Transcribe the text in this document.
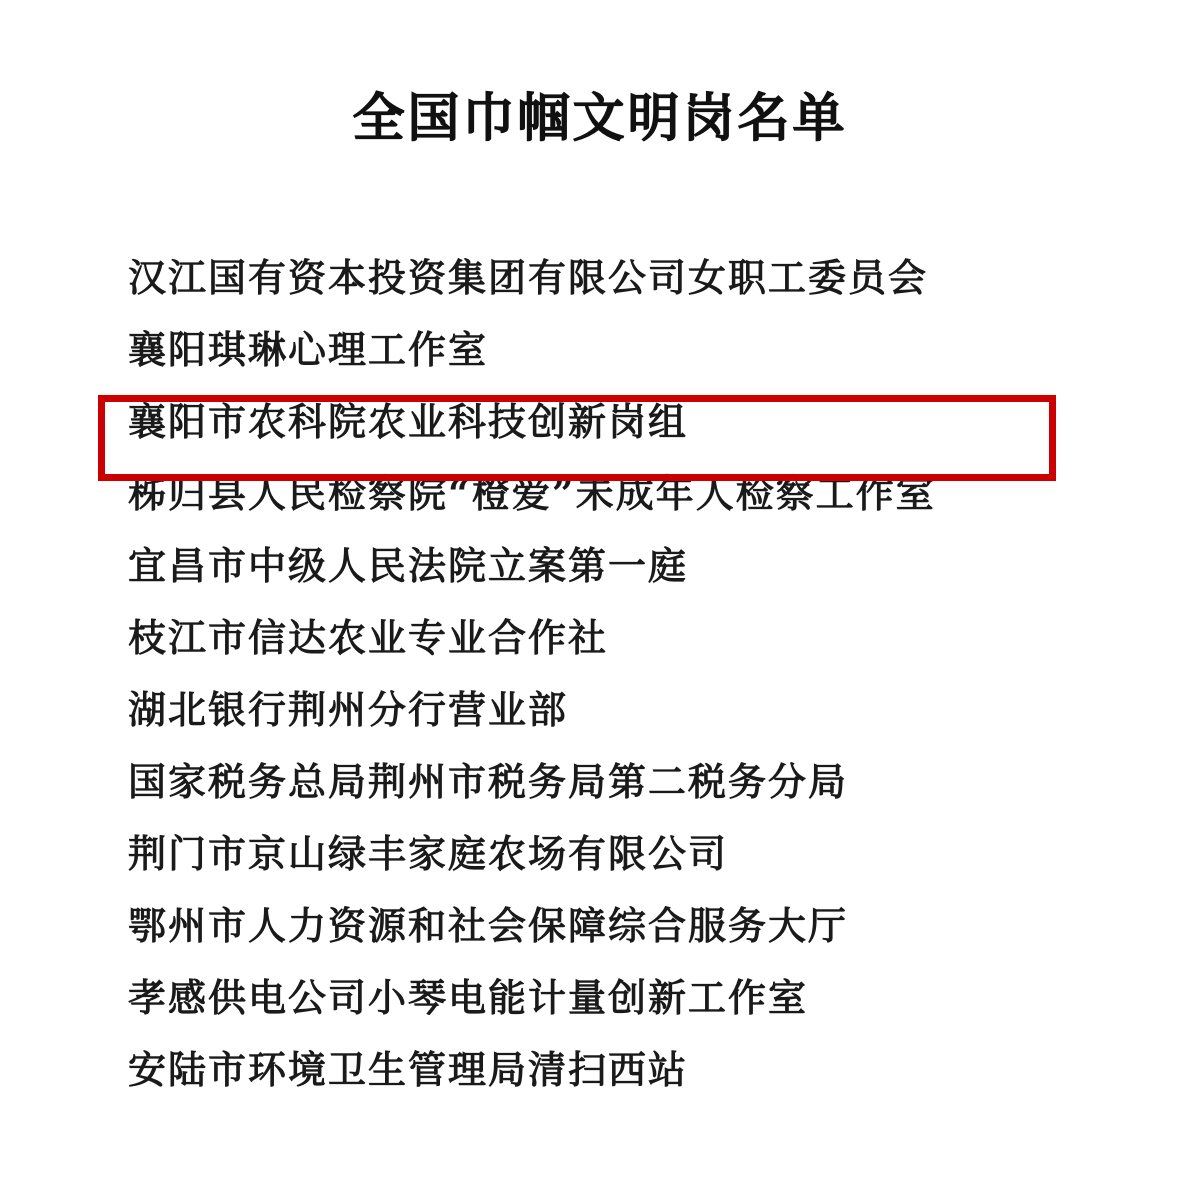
全国巾帼文明岗名单
汉江国有资本投资集团有限公司女职工委员会
襄阳琪琳心理工作室
襄阳市农科院农业科技创新岗组
秭归县人民检察院“橙爱”未成年人检察工作室
宜昌市中级人民法院立案第一庭
枝江市信达农业专业合作社
湖北银行荆州分行营业部
国家税务总局荆州市税务局第二税务分局
荆门市京山绿丰家庭农场有限公司
鄂州市人力资源和社会保障综合服务大厅
孝感供电公司小琴电能计量创新工作室
安陆市环境卫生管理局清扫西站
